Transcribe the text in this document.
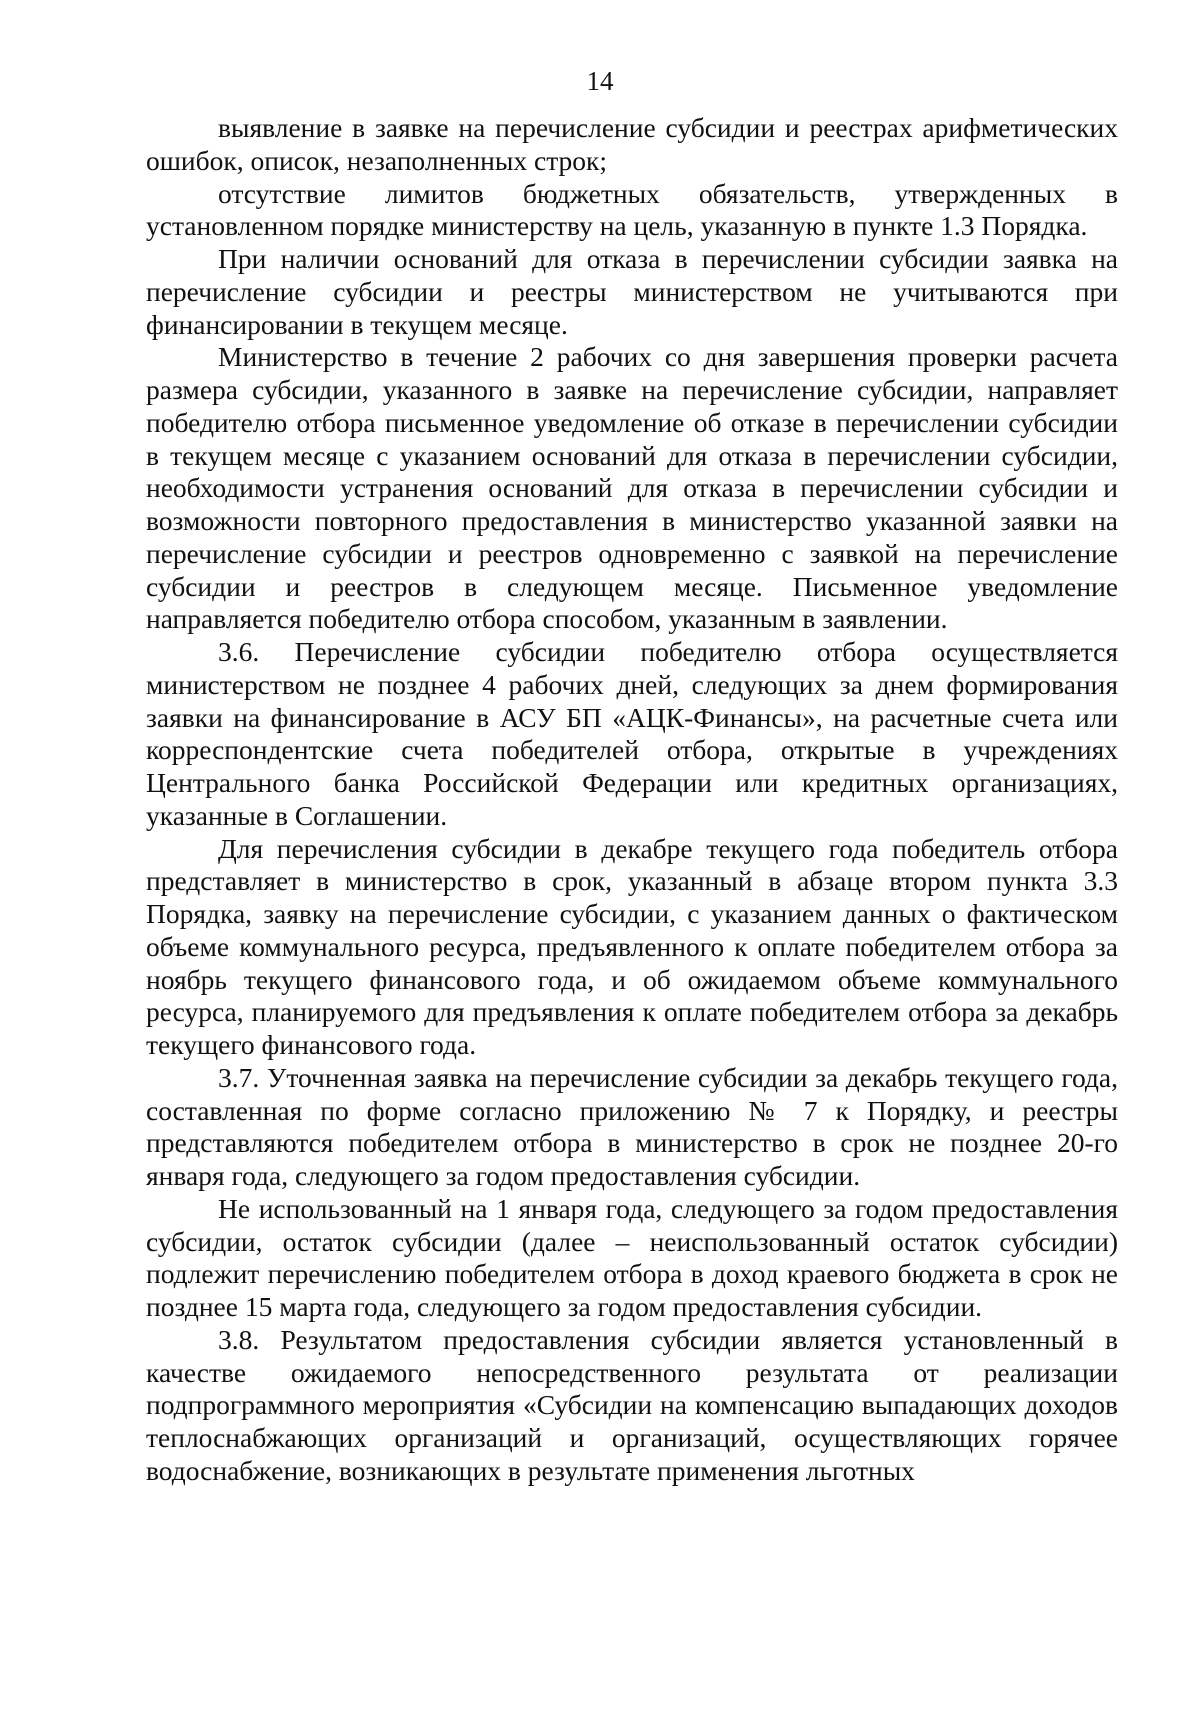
14

выявление в заявке на перечисление субсидии и реестрах арифметических ошибок, описок, незаполненных строк;

отсутствие лимитов бюджетных обязательств, утвержденных в установленном порядке министерству на цель, указанную в пункте 1.3 Порядка.

При наличии оснований для отказа в перечислении субсидии заявка на перечисление субсидии и реестры министерством не учитываются при финансировании в текущем месяце.

Министерство в течение 2 рабочих со дня завершения проверки расчета размера субсидии, указанного в заявке на перечисление субсидии, направляет победителю отбора письменное уведомление об отказе в перечислении субсидии в текущем месяце с указанием оснований для отказа в перечислении субсидии, необходимости устранения оснований для отказа в перечислении субсидии и возможности повторного предоставления в министерство указанной заявки на перечисление субсидии и реестров одновременно с заявкой на перечисление субсидии и реестров в следующем месяце. Письменное уведомление направляется победителю отбора способом, указанным в заявлении.

3.6. Перечисление субсидии победителю отбора осуществляется министерством не позднее 4 рабочих дней, следующих за днем формирования заявки на финансирование в АСУ БП «АЦК-Финансы», на расчетные счета или корреспондентские счета победителей отбора, открытые в учреждениях Центрального банка Российской Федерации или кредитных организациях, указанные в Соглашении.

Для перечисления субсидии в декабре текущего года победитель отбора представляет в министерство в срок, указанный в абзаце втором пункта 3.3 Порядка, заявку на перечисление субсидии, с указанием данных о фактическом объеме коммунального ресурса, предъявленного к оплате победителем отбора за ноябрь текущего финансового года, и об ожидаемом объеме коммунального ресурса, планируемого для предъявления к оплате победителем отбора за декабрь текущего финансового года.

3.7. Уточненная заявка на перечисление субсидии за декабрь текущего года, составленная по форме согласно приложению № 7 к Порядку, и реестры представляются победителем отбора в министерство в срок не позднее 20-го января года, следующего за годом предоставления субсидии.

Не использованный на 1 января года, следующего за годом предоставления субсидии, остаток субсидии (далее – неиспользованный остаток субсидии) подлежит перечислению победителем отбора в доход краевого бюджета в срок не позднее 15 марта года, следующего за годом предоставления субсидии.

3.8. Результатом предоставления субсидии является установленный в качестве ожидаемого непосредственного результата от реализации подпрограммного мероприятия «Субсидии на компенсацию выпадающих доходов теплоснабжающих организаций и организаций, осуществляющих горячее водоснабжение, возникающих в результате применения льготных
